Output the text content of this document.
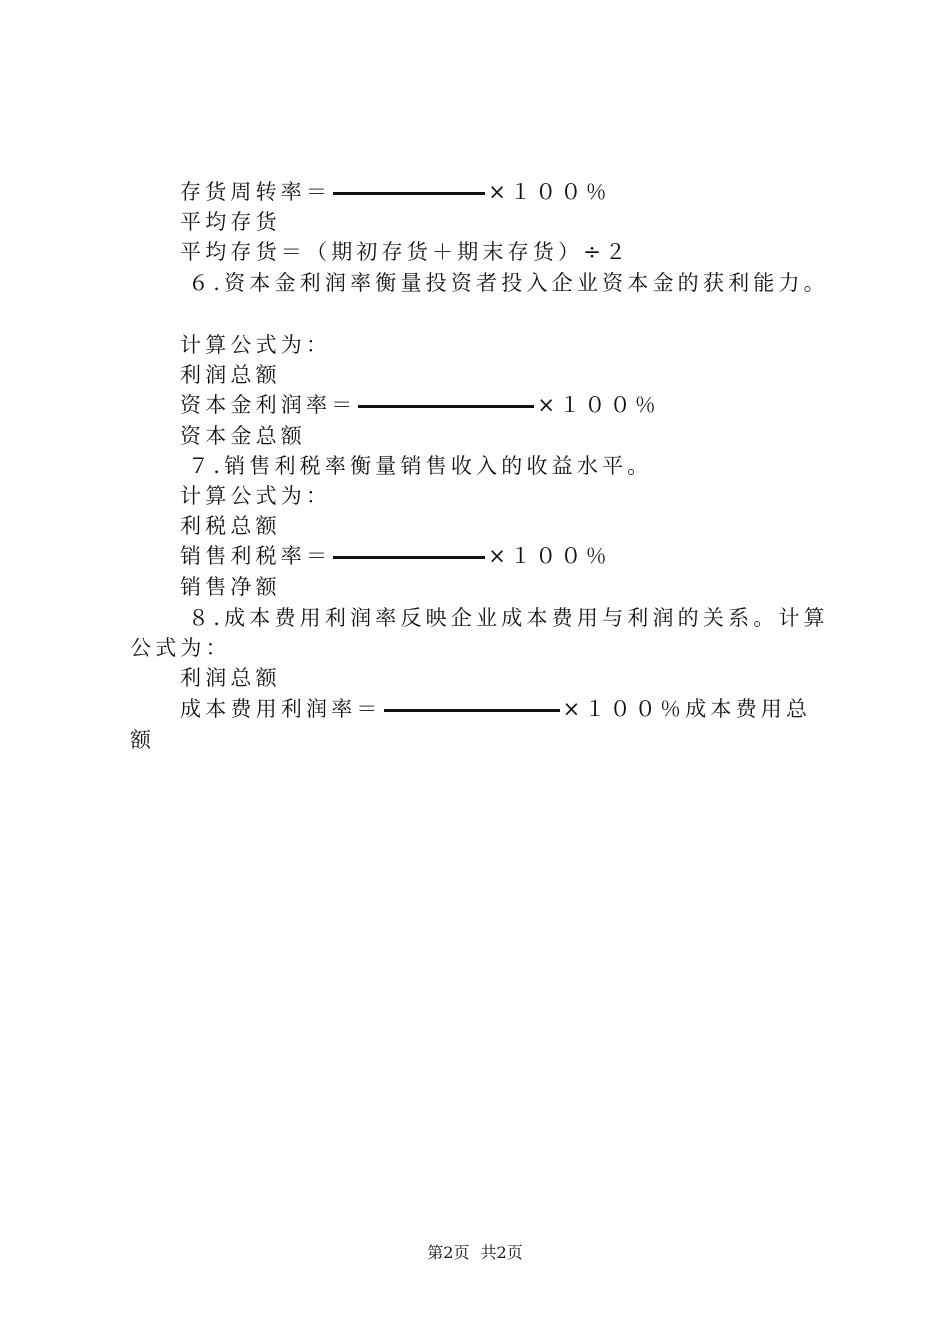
存货周转率＝	×１００％
平均存货
平均存货＝（期初存货＋期末存货）÷２
６.资本金利润率衡量投资者投入企业资本金的获利能力。
计算公式为：
利润总额
资本金利润率＝	×１００％
资本金总额
７.销售利税率衡量销售收入的收益水平。
计算公式为：
利税总额
销售利税率＝	×１００％
销售净额
８.成本费用利润率反映企业成本费用与利润的关系。计算
公式为：
利润总额
成本费用利润率＝	×１００％成本费用总
额
第2页 共2页
